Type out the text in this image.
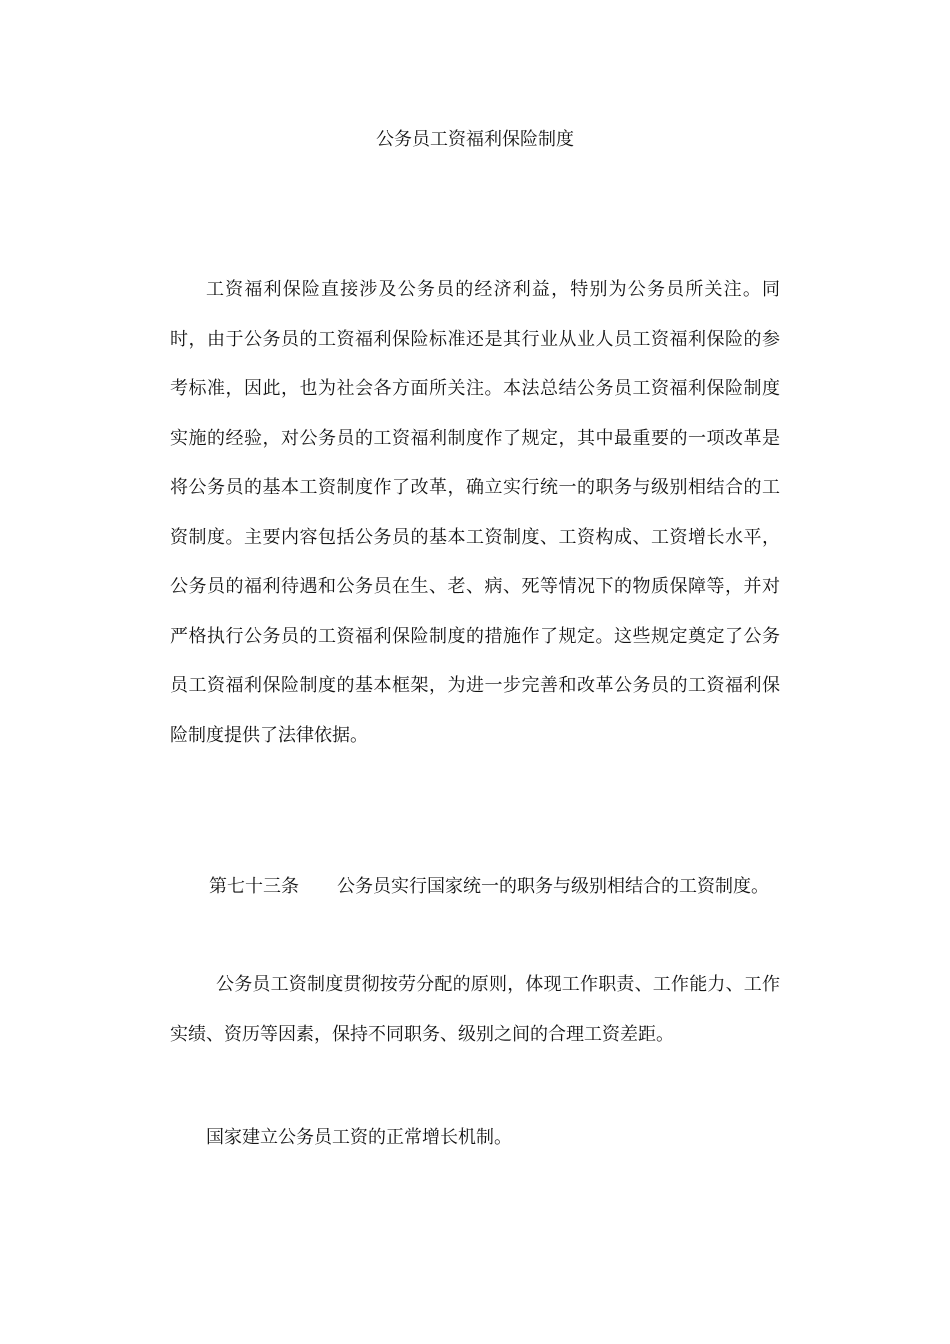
公务员工资福利保险制度

工资福利保险直接涉及公务员的经济利益，特别为公务员所关注。同时，由于公务员的工资福利保险标准还是其行业从业人员工资福利保险的参考标准，因此，也为社会各方面所关注。本法总结公务员工资福利保险制度实施的经验，对公务员的工资福利制度作了规定，其中最重要的一项改革是将公务员的基本工资制度作了改革，确立实行统一的职务与级别相结合的工资制度。主要内容包括公务员的基本工资制度、工资构成、工资增长水平，公务员的福利待遇和公务员在生、老、病、死等情况下的物质保障等，并对严格执行公务员的工资福利保险制度的措施作了规定。这些规定奠定了公务员工资福利保险制度的基本框架，为进一步完善和改革公务员的工资福利保险制度提供了法律依据。

第七十三条 公务员实行国家统一的职务与级别相结合的工资制度。

公务员工资制度贯彻按劳分配的原则，体现工作职责、工作能力、工作实绩、资历等因素，保持不同职务、级别之间的合理工资差距。

国家建立公务员工资的正常增长机制。
